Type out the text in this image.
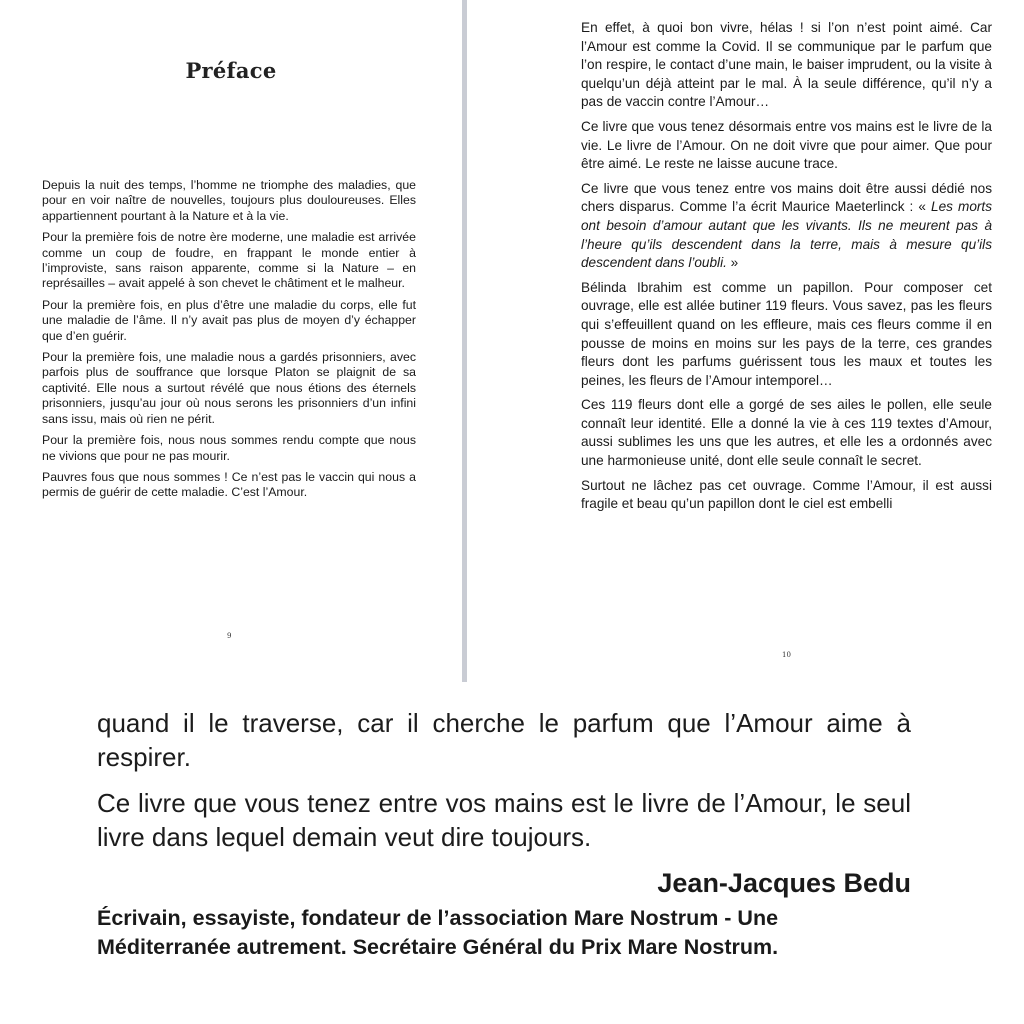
Préface

Depuis la nuit des temps, l’homme ne triomphe des maladies, que pour en voir naître de nouvelles, toujours plus douloureuses. Elles appartiennent pourtant à la Nature et à la vie.

Pour la première fois de notre ère moderne, une maladie est arrivée comme un coup de foudre, en frappant le monde entier à l’improviste, sans raison apparente, comme si la Nature – en représailles – avait appelé à son chevet le châtiment et le malheur.

Pour la première fois, en plus d’être une maladie du corps, elle fut une maladie de l’âme. Il n’y avait pas plus de moyen d’y échapper que d’en guérir.

Pour la première fois, une maladie nous a gardés prisonniers, avec parfois plus de souffrance que lorsque Platon se plaignit de sa captivité. Elle nous a surtout révélé que nous étions des éternels prisonniers, jusqu’au jour où nous serons les prisonniers d’un infini sans issu, mais où rien ne périt.

Pour la première fois, nous nous sommes rendu compte que nous ne vivions que pour ne pas mourir.

Pauvres fous que nous sommes ! Ce n’est pas le vaccin qui nous a permis de guérir de cette maladie. C’est l’Amour.

9

En effet, à quoi bon vivre, hélas ! si l’on n’est point aimé. Car l’Amour est comme la Covid. Il se communique par le parfum que l’on respire, le contact d’une main, le baiser imprudent, ou la visite à quelqu’un déjà atteint par le mal. À la seule différence, qu’il n’y a pas de vaccin contre l’Amour…

Ce livre que vous tenez désormais entre vos mains est le livre de la vie. Le livre de l’Amour. On ne doit vivre que pour aimer. Que pour être aimé. Le reste ne laisse aucune trace.

Ce livre que vous tenez entre vos mains doit être aussi dédié nos chers disparus. Comme l’a écrit Maurice Maeterlinck : « Les morts ont besoin d’amour autant que les vivants. Ils ne meurent pas à l’heure qu’ils descendent dans la terre, mais à mesure qu’ils descendent dans l’oubli. »

Bélinda Ibrahim est comme un papillon. Pour composer cet ouvrage, elle est allée butiner 119 fleurs. Vous savez, pas les fleurs qui s’effeuillent quand on les effleure, mais ces fleurs comme il en pousse de moins en moins sur les pays de la terre, ces grandes fleurs dont les parfums guérissent tous les maux et toutes les peines, les fleurs de l’Amour intemporel…

Ces 119 fleurs dont elle a gorgé de ses ailes le pollen, elle seule connaît leur identité. Elle a donné la vie à ces 119 textes d’Amour, aussi sublimes les uns que les autres, et elle les a ordonnés avec une harmonieuse unité, dont elle seule connaît le secret.

Surtout ne lâchez pas cet ouvrage. Comme l’Amour, il est aussi fragile et beau qu’un papillon dont le ciel est embelli

10

quand il le traverse, car il cherche le parfum que l’Amour aime à respirer.

Ce livre que vous tenez entre vos mains est le livre de l’Amour, le seul livre dans lequel demain veut dire toujours.

Jean-Jacques Bedu
Écrivain, essayiste, fondateur de l’association Mare Nostrum - Une Méditerranée autrement. Secrétaire Général du Prix Mare Nostrum.
